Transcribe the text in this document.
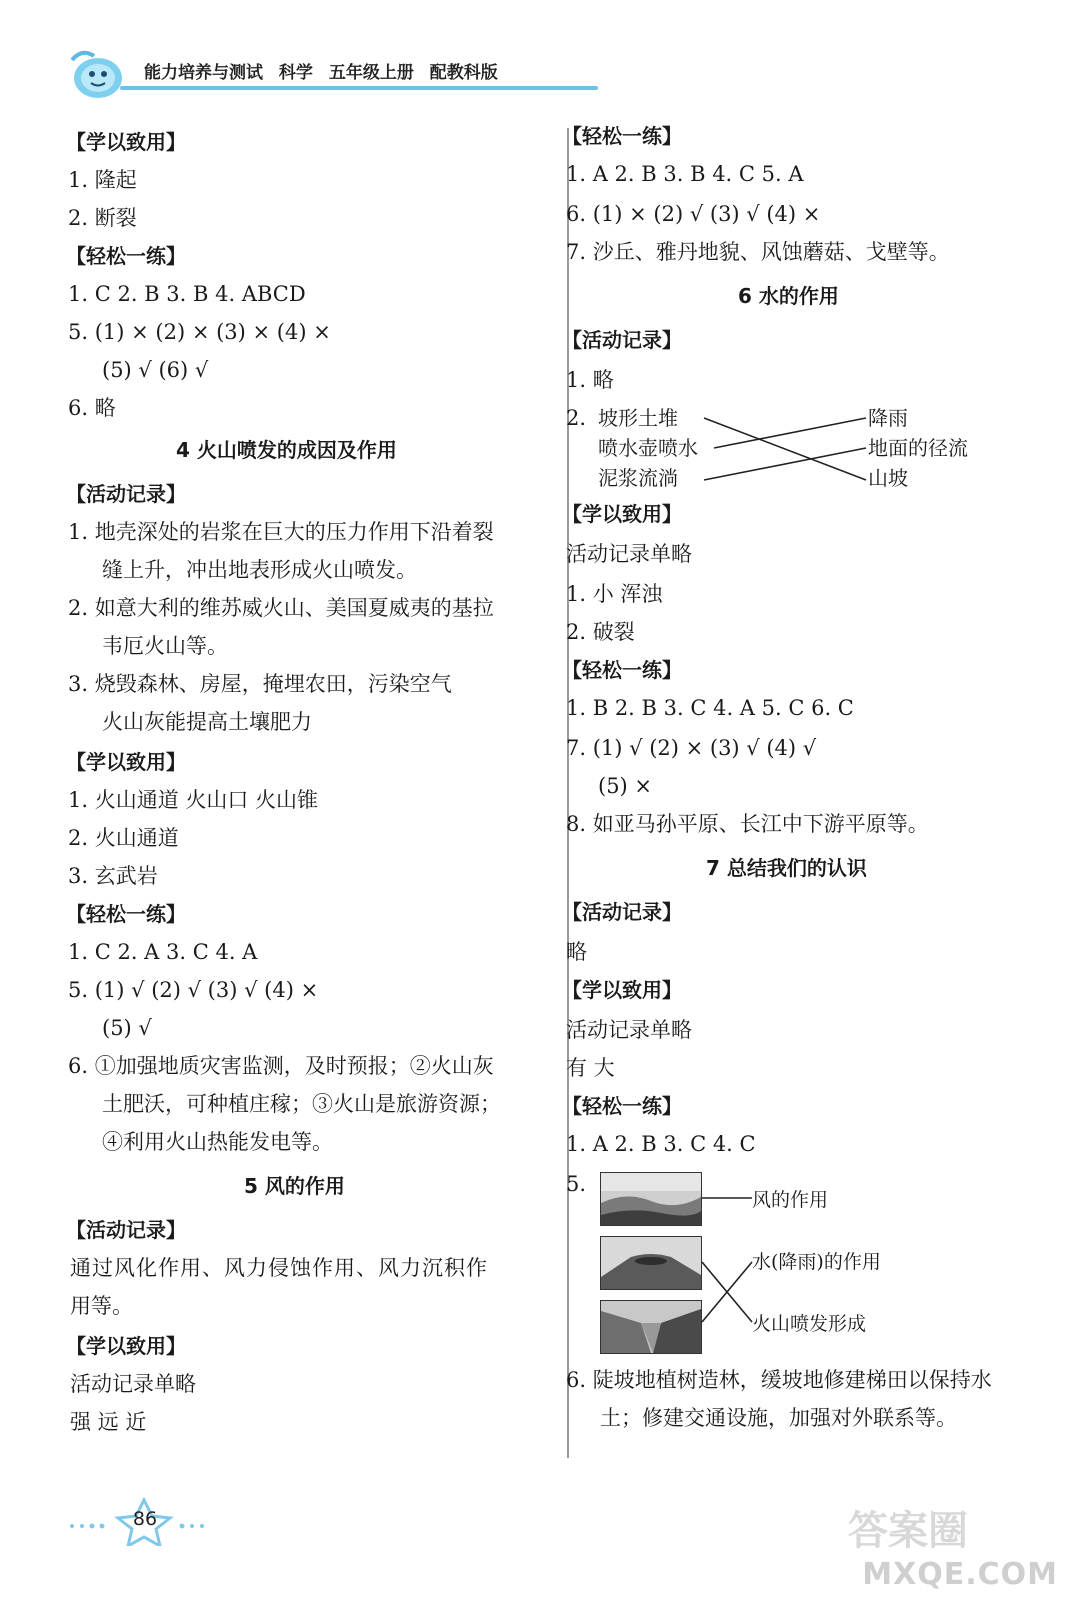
能力培养与测试 科学 五年级上册 配教科版
【学以致用】
1. 隆起
2. 断裂
【轻松一练】
1. C 2. B 3. B 4. ABCD
5. (1) × (2) × (3) × (4) ×
(5) √ (6) √
6. 略
4 火山喷发的成因及作用
【活动记录】
1. 地壳深处的岩浆在巨大的压力作用下沿着裂
缝上升，冲出地表形成火山喷发。
2. 如意大利的维苏威火山、美国夏威夷的基拉
韦厄火山等。
3. 烧毁森林、房屋，掩埋农田，污染空气
火山灰能提高土壤肥力
【学以致用】
1. 火山通道 火山口 火山锥
2. 火山通道
3. 玄武岩
【轻松一练】
1. C 2. A 3. C 4. A
5. (1) √ (2) √ (3) √ (4) ×
(5) √
6. ①加强地质灾害监测，及时预报；②火山灰
土肥沃，可种植庄稼；③火山是旅游资源；
④利用火山热能发电等。
5 风的作用
【活动记录】
通过风化作用、风力侵蚀作用、风力沉积作
用等。
【学以致用】
活动记录单略
强 远 近
【轻松一练】
1. A 2. B 3. B 4. C 5. A
6. (1) × (2) √ (3) √ (4) ×
7. 沙丘、雅丹地貌、风蚀蘑菇、戈壁等。
6 水的作用
【活动记录】
1. 略
2. 坡形土堆
喷水壶喷水
泥浆流淌
降雨
地面的径流
山坡
【学以致用】
活动记录单略
1. 小 浑浊
2. 破裂
【轻松一练】
1. B 2. B 3. C 4. A 5. C 6. C
7. (1) √ (2) × (3) √ (4) √
(5) ×
8. 如亚马孙平原、长江中下游平原等。
7 总结我们的认识
【活动记录】
略
【学以致用】
活动记录单略
有 大
【轻松一练】
1. A 2. B 3. C 4. C
5.
风的作用
水(降雨)的作用
火山喷发形成
6. 陡坡地植树造林，缓坡地修建梯田以保持水
土；修建交通设施，加强对外联系等。
86	答案圈
MXQE.COM
